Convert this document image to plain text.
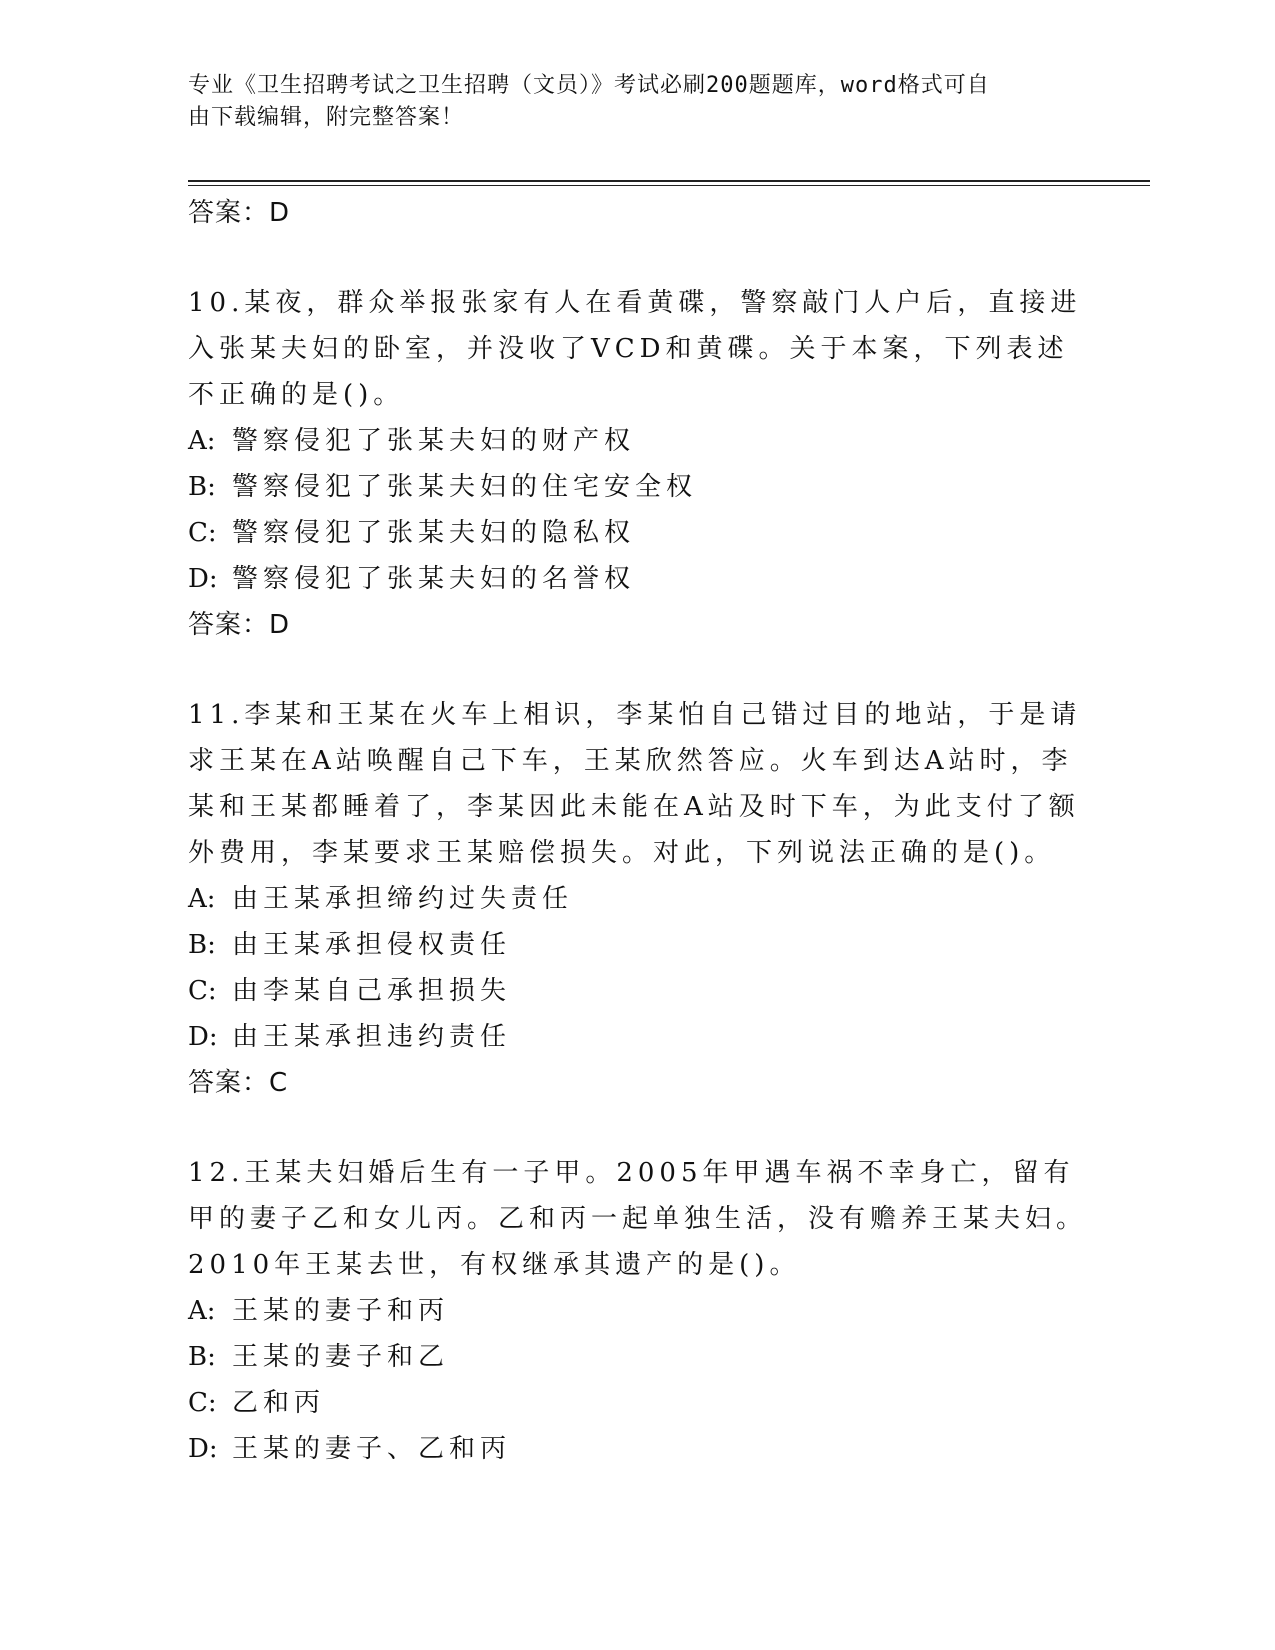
专业《卫生招聘考试之卫生招聘（文员）》考试必刷200题题库，word格式可自
由下载编辑，附完整答案！
答案：D
10.某夜，群众举报张家有人在看黄碟，警察敲门人户后，直接进入张某夫妇的卧室，并没收了VCD和黄碟。关于本案，下列表述不正确的是()。
A: 警察侵犯了张某夫妇的财产权
B: 警察侵犯了张某夫妇的住宅安全权
C: 警察侵犯了张某夫妇的隐私权
D: 警察侵犯了张某夫妇的名誉权
答案：D
11.李某和王某在火车上相识，李某怕自己错过目的地站，于是请求王某在A站唤醒自己下车，王某欣然答应。火车到达A站时，李某和王某都睡着了，李某因此未能在A站及时下车，为此支付了额外费用，李某要求王某赔偿损失。对此，下列说法正确的是()。
A: 由王某承担缔约过失责任
B: 由王某承担侵权责任
C: 由李某自己承担损失
D: 由王某承担违约责任
答案：C
12.王某夫妇婚后生有一子甲。2005年甲遇车祸不幸身亡，留有甲的妻子乙和女儿丙。乙和丙一起单独生活，没有赡养王某夫妇。2010年王某去世，有权继承其遗产的是()。
A: 王某的妻子和丙
B: 王某的妻子和乙
C: 乙和丙
D: 王某的妻子、乙和丙
